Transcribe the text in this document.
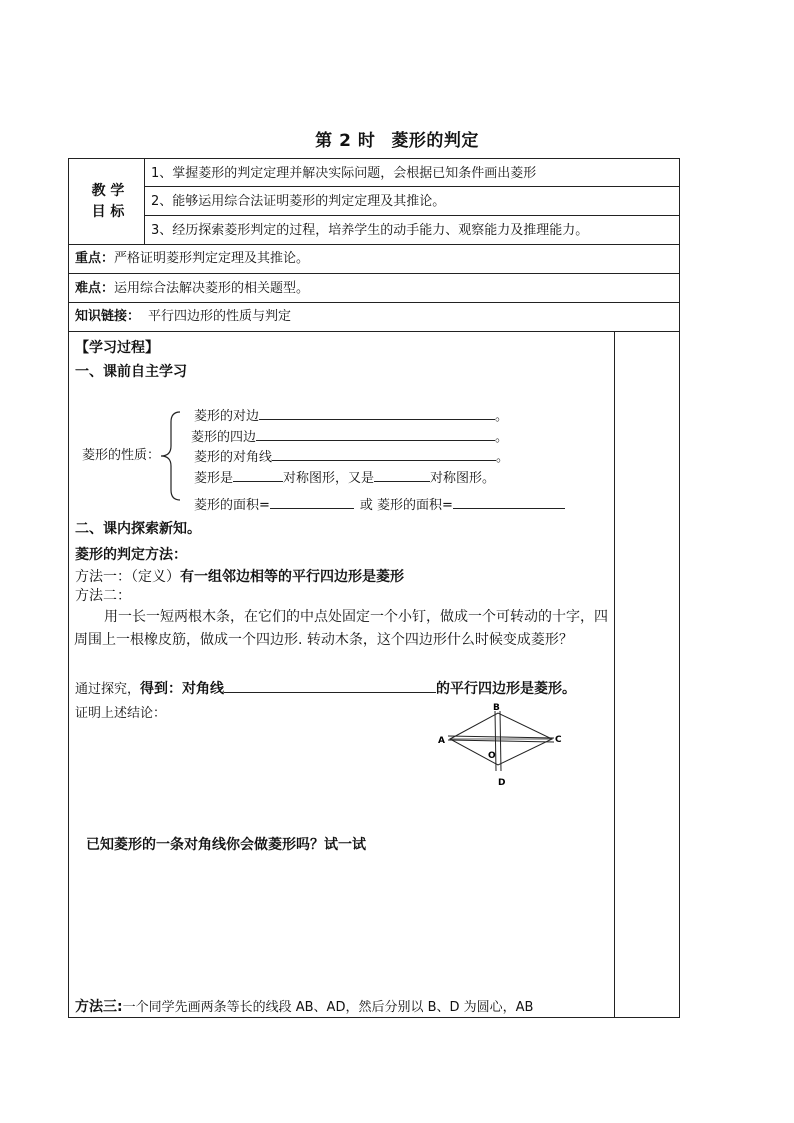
第 2 时 菱形的判定
教 学
目 标
1、掌握菱形的判定定理并解决实际问题，会根据已知条件画出菱形
2、能够运用综合法证明菱形的判定定理及其推论。
3、经历探索菱形判定的过程，培养学生的动手能力、观察能力及推理能力。
重点：严格证明菱形判定定理及其推论。
难点：运用综合法解决菱形的相关题型。
知识链接： 平行四边形的性质与判定
【学习过程】
一、课前自主学习
菱形的性质：
菱形的对边	。
菱形的四边	。
菱形的对角线	。
菱形是	对称图形，又是	对称图形。
菱形的面积=	或 菱形的面积=
二、课内探索新知。
菱形的判定方法：
方法一：（定义）有一组邻边相等的平行四边形是菱形
方法二：
用一长一短两根木条，在它们的中点处固定一个小钉，做成一个可转动的十字，四周围上一根橡皮筋，做成一个四边形. 转动木条，这个四边形什么时候变成菱形？
通过探究，得到：对角线	的平行四边形是菱形。
证明上述结论：
A
B
C
D
O
已知菱形的一条对角线你会做菱形吗？试一试
方法三:一个同学先画两条等长的线段 AB、AD，然后分别以 B、D 为圆心，AB
